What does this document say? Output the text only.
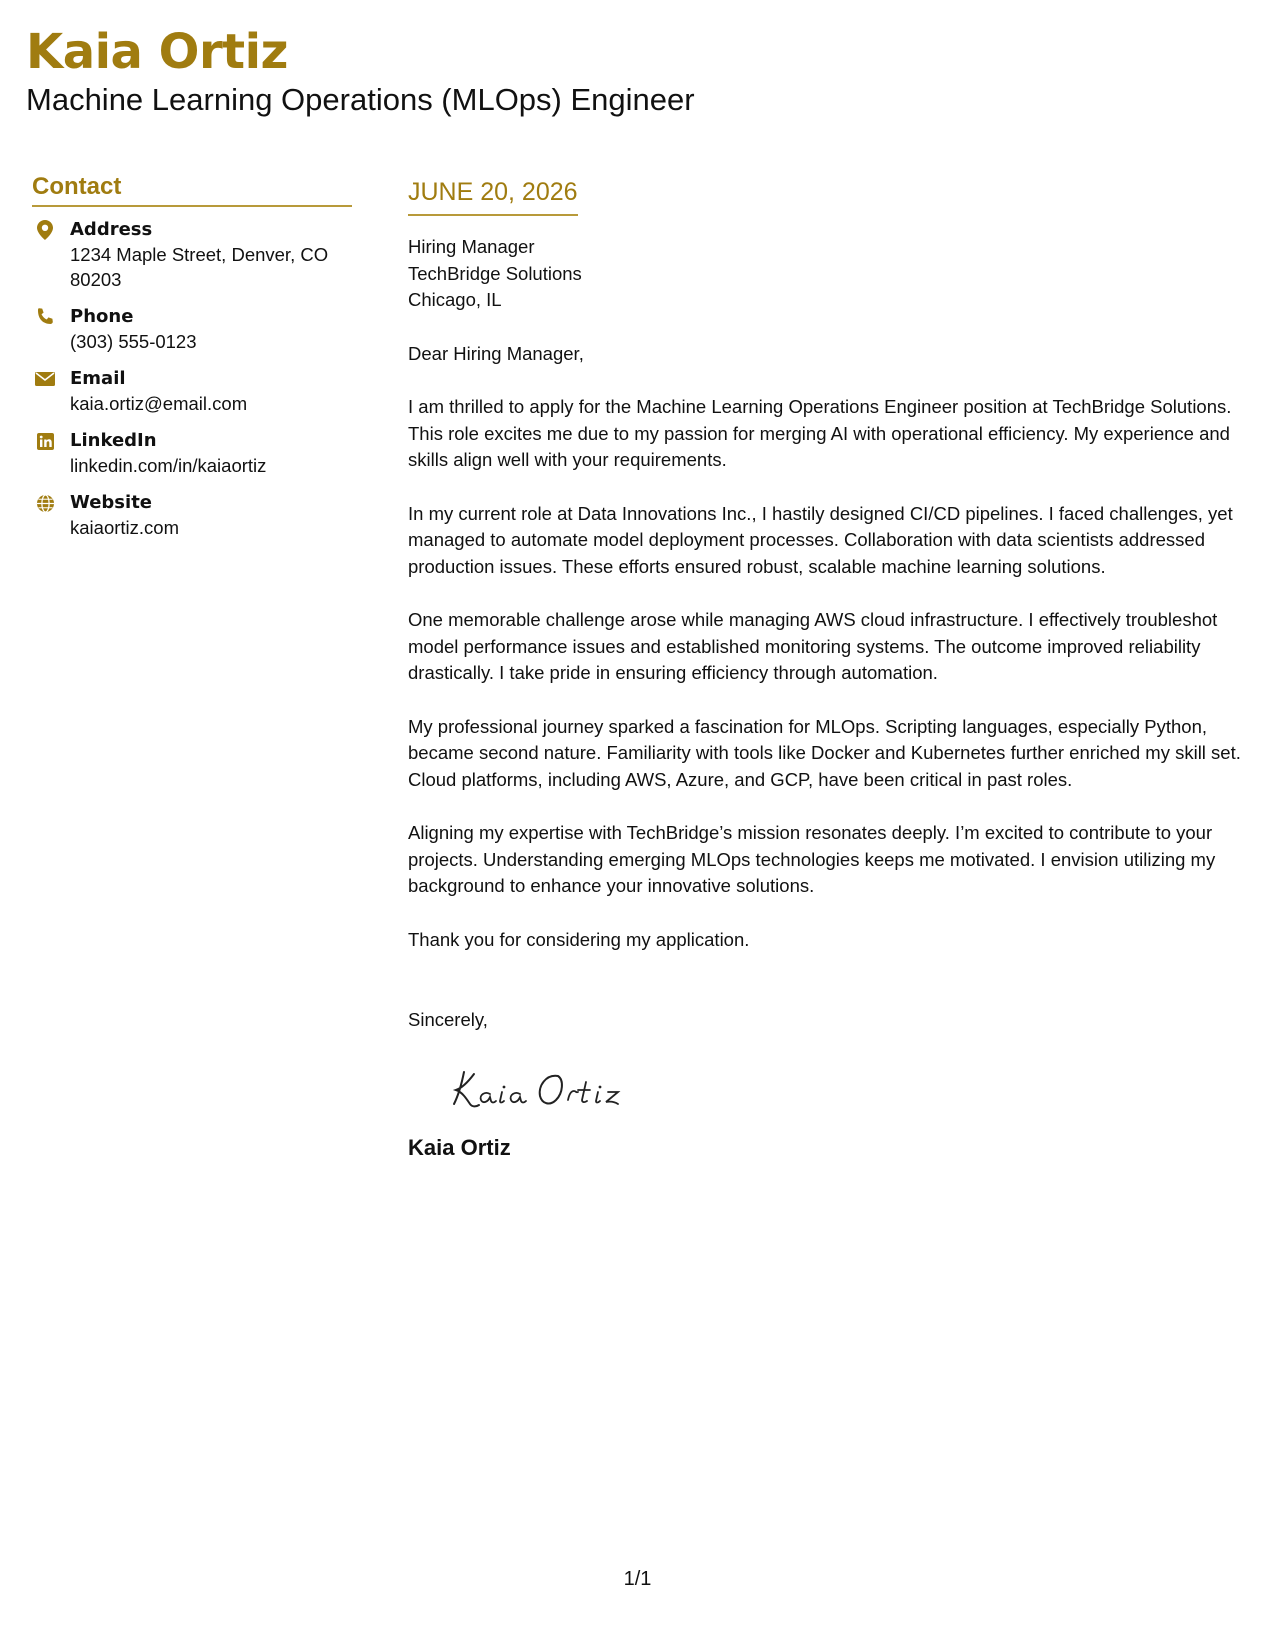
Kaia Ortiz
Machine Learning Operations (MLOps) Engineer
Contact
Address
1234 Maple Street, Denver, CO 80203
Phone
(303) 555-0123
Email
kaia.ortiz@email.com
LinkedIn
linkedin.com/in/kaiaortiz
Website
kaiaortiz.com
JUNE 20, 2026
Hiring Manager
TechBridge Solutions
Chicago, IL
Dear Hiring Manager,

I am thrilled to apply for the Machine Learning Operations Engineer position at TechBridge Solutions. This role excites me due to my passion for merging AI with operational efficiency. My experience and skills align well with your requirements.

In my current role at Data Innovations Inc., I hastily designed CI/CD pipelines. I faced challenges, yet managed to automate model deployment processes. Collaboration with data scientists addressed production issues. These efforts ensured robust, scalable machine learning solutions.

One memorable challenge arose while managing AWS cloud infrastructure. I effectively troubleshot model performance issues and established monitoring systems. The outcome improved reliability drastically. I take pride in ensuring efficiency through automation.

My professional journey sparked a fascination for MLOps. Scripting languages, especially Python, became second nature. Familiarity with tools like Docker and Kubernetes further enriched my skill set. Cloud platforms, including AWS, Azure, and GCP, have been critical in past roles.

Aligning my expertise with TechBridge’s mission resonates deeply. I’m excited to contribute to your projects. Understanding emerging MLOps technologies keeps me motivated. I envision utilizing my background to enhance your innovative solutions.

Thank you for considering my application.

Sincerely,
Kaia Ortiz
1/1
